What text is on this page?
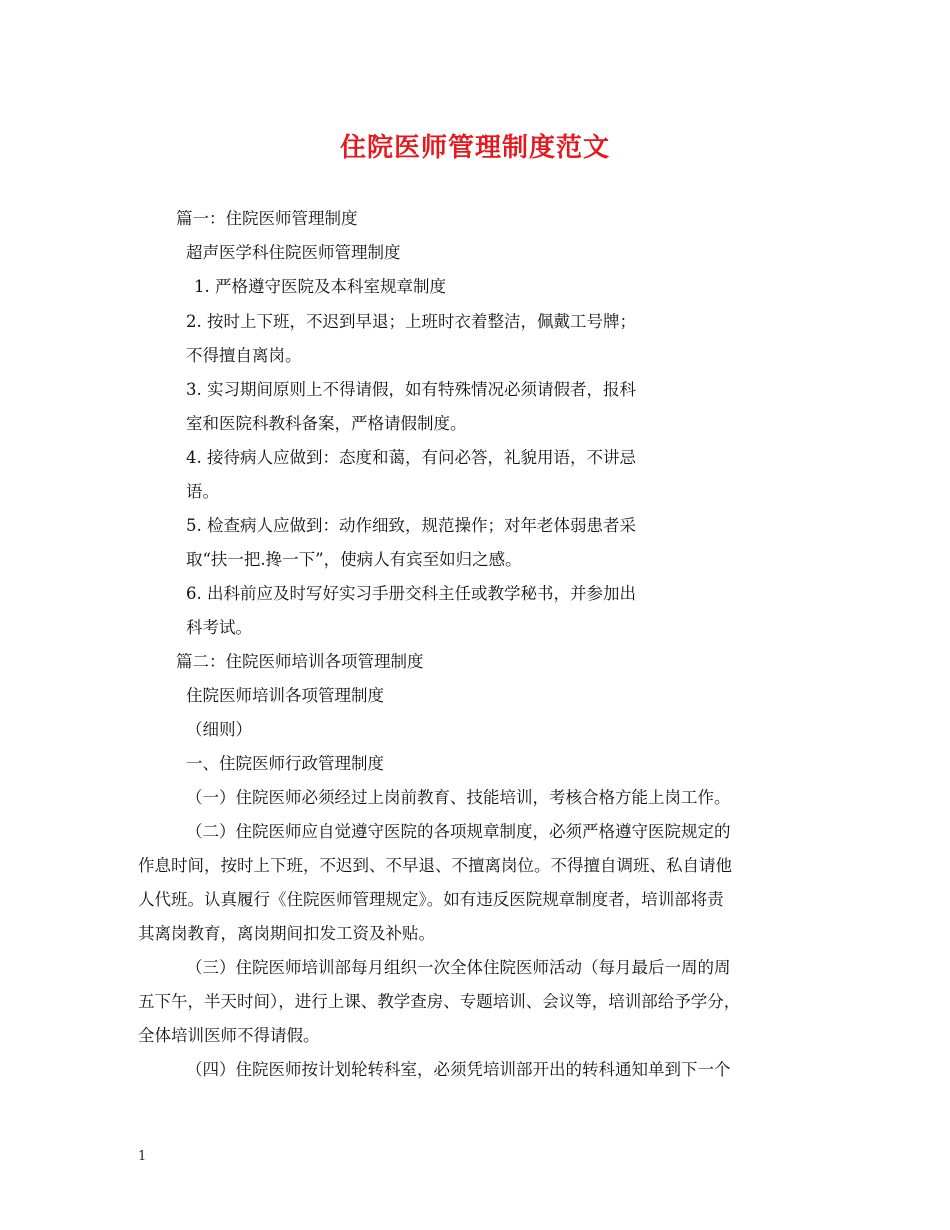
住院医师管理制度范文
篇一：住院医师管理制度
超声医学科住院医师管理制度
1. 严格遵守医院及本科室规章制度
2. 按时上下班，不迟到早退；上班时衣着整洁，佩戴工号牌；
不得擅自离岗。
3. 实习期间原则上不得请假，如有特殊情况必须请假者，报科
室和医院科教科备案，严格请假制度。
4. 接待病人应做到：态度和蔼，有问必答，礼貌用语，不讲忌
语。
5. 检查病人应做到：动作细致，规范操作；对年老体弱患者采
取“扶一把.搀一下”，使病人有宾至如归之感。
6. 出科前应及时写好实习手册交科主任或教学秘书，并参加出
科考试。
篇二：住院医师培训各项管理制度
住院医师培训各项管理制度
（细则）
一、住院医师行政管理制度
（一）住院医师必须经过上岗前教育、技能培训，考核合格方能上岗工作。
（二）住院医师应自觉遵守医院的各项规章制度，必须严格遵守医院规定的
作息时间，按时上下班，不迟到、不早退、不擅离岗位。不得擅自调班、私自请他
人代班。认真履行《住院医师管理规定》。如有违反医院规章制度者，培训部将责
其离岗教育，离岗期间扣发工资及补贴。
（三）住院医师培训部每月组织一次全体住院医师活动（每月最后一周的周
五下午，半天时间），进行上课、教学查房、专题培训、会议等，培训部给予学分，
全体培训医师不得请假。
（四）住院医师按计划轮转科室，必须凭培训部开出的转科通知单到下一个
1
